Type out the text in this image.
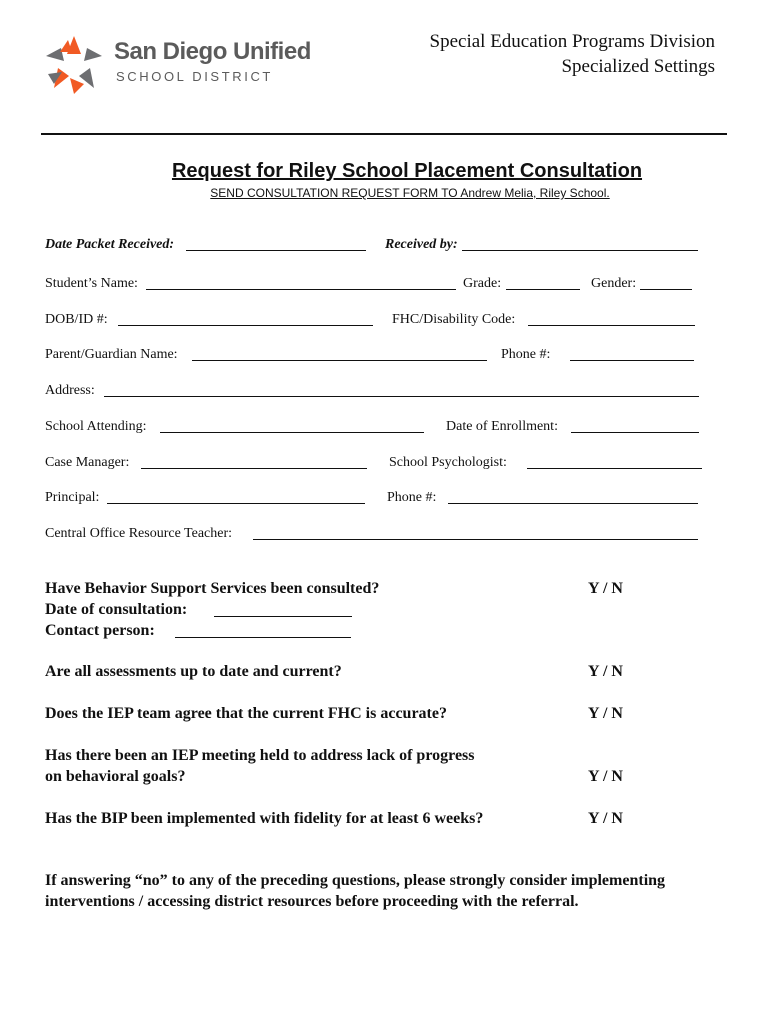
San Diego Unified
SCHOOL DISTRICT
Special Education Programs Division
Specialized Settings
Request for Riley School Placement Consultation
SEND CONSULTATION REQUEST FORM TO Andrew Melia, Riley School.
Date Packet Received:	Received by:
Student’s Name:	Grade:	Gender:
DOB/ID #:	FHC/Disability Code:
Parent/Guardian Name:	Phone #:
Address:
School Attending:	Date of Enrollment:
Case Manager:	School Psychologist:
Principal:	Phone #:
Central Office Resource Teacher:
Have Behavior Support Services been consulted?	Y / N
Date of consultation:
Contact person:
Are all assessments up to date and current?	Y / N
Does the IEP team agree that the current FHC is accurate?	Y / N
Has there been an IEP meeting held to address lack of progress
on behavioral goals?	Y / N
Has the BIP been implemented with fidelity for at least 6 weeks?	Y / N
If answering “no” to any of the preceding questions, please strongly consider implementing interventions / accessing district resources before proceeding with the referral.
